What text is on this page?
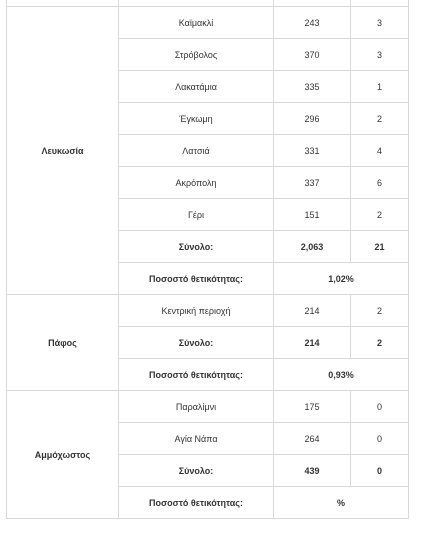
Λευκωσία	Καϊμακλί	243	3
	Στρόβολος	370	3
	Λακατάμια	335	1
	Έγκωμη	296	2
	Λατσιά	331	4
	Ακρόπολη	337	6
	Γέρι	151	2
	Σύνολο:	2,063	21
	Ποσοστό θετικότητας:	1,02%	
Πάφος	Κεντρική περιοχή	214	2
	Σύνολο:	214	2
	Ποσοστό θετικότητας:	0,93%	
Αμμόχωστος	Παραλίμνι	175	0
	Αγία Νάπα	264	0
	Σύνολο:	439	0
	Ποσοστό θετικότητας:	%	
